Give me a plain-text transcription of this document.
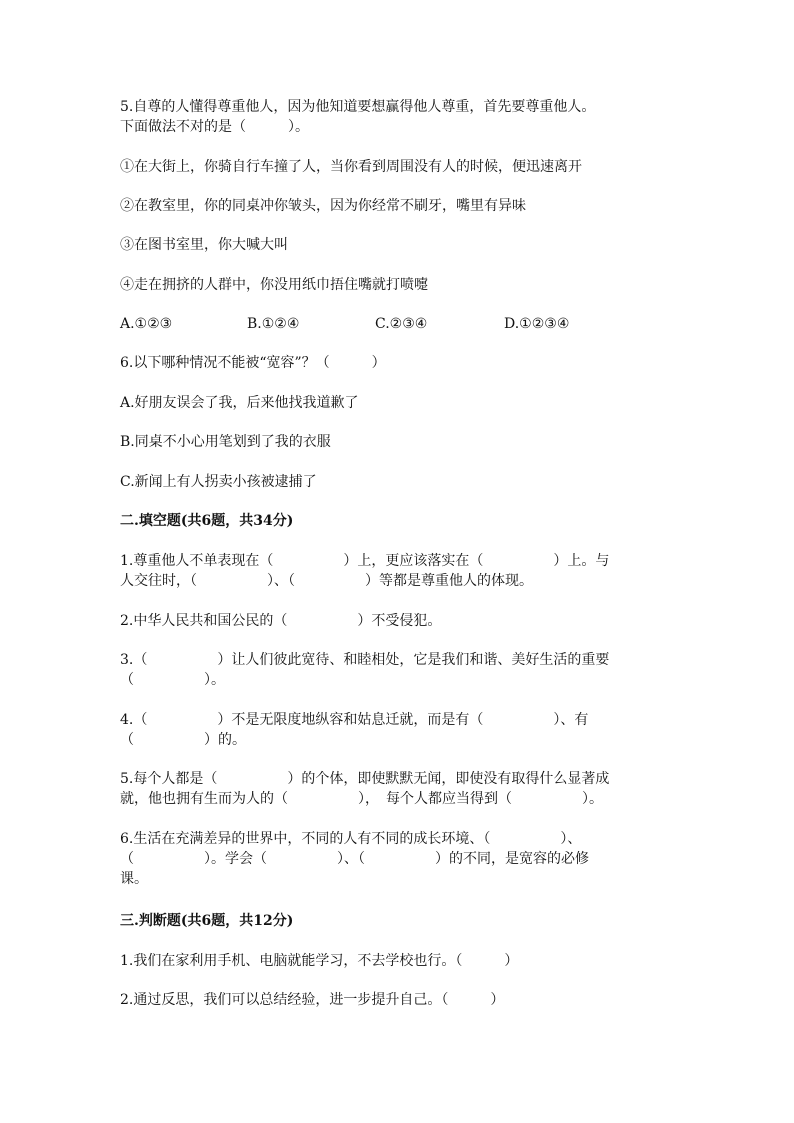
5.自尊的人懂得尊重他人，因为他知道要想赢得他人尊重，首先要尊重他人。
下面做法不对的是（　　　）。

①在大街上，你骑自行车撞了人，当你看到周围没有人的时候，便迅速离开

②在教室里，你的同桌冲你皱头，因为你经常不刷牙，嘴里有异味

③在图书室里，你大喊大叫

④走在拥挤的人群中，你没用纸巾捂住嘴就打喷嚏

A.①②③	B.①②④	C.②③④	D.①②③④

6.以下哪种情况不能被“宽容”？（　　　）

A.好朋友误会了我，后来他找我道歉了

B.同桌不小心用笔划到了我的衣服

C.新闻上有人拐卖小孩被逮捕了

二.填空题(共6题，共34分)

1.尊重他人不单表现在（　　　　　）上，更应该落实在（　　　　　）上。与
人交往时，（　　　　　）、（　　　　　）等都是尊重他人的体现。

2.中华人民共和国公民的（　　　　　）不受侵犯。

3.（　　　　　）让人们彼此宽待、和睦相处，它是我们和谐、美好生活的重要
（　　　　　）。

4.（　　　　　）不是无限度地纵容和姑息迁就，而是有（　　　　　）、有
（　　　　　）的。

5.每个人都是（　　　　　）的个体，即使默默无闻，即使没有取得什么显著成
就，他也拥有生而为人的（　　　　　），　每个人都应当得到（　　　　　）。

6.生活在充满差异的世界中，不同的人有不同的成长环境、（　　　　　）、
（　　　　　）。学会（　　　　　）、（　　　　　）的不同，是宽容的必修
课。

三.判断题(共6题，共12分)

1.我们在家利用手机、电脑就能学习，不去学校也行。（　　　）

2.通过反思，我们可以总结经验，进一步提升自己。（　　　）
